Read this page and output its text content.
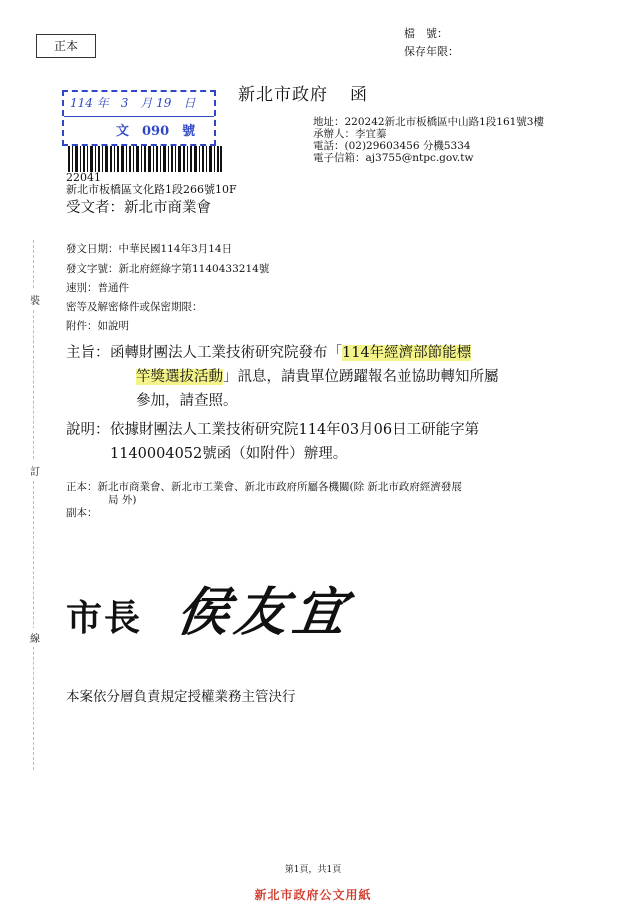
正本
檔　號：
保存年限：
新北市政府 函
114 年　3　月 19　日
文　090　號
地址：220242新北市板橋區中山路1段161號3樓
承辦人：李宜蓁
電話：(02)29603456 分機5334
電子信箱：aj3755@ntpc.gov.tw
22041
新北市板橋區文化路1段266號10F
受文者：新北市商業會
發文日期：中華民國114年3月14日
發文字號：新北府經綠字第1140433214號
速別：普通件
密等及解密條件或保密期限：
附件：如說明
主旨： 函轉財團法人工業技術研究院發布「114年經濟部節能標
竿獎選拔活動」訊息，請貴單位踴躍報名並協助轉知所屬
參加，請查照。
說明： 依據財團法人工業技術研究院114年03月06日工研能字第
1140004052號函（如附件）辦理。
正本：新北市商業會、新北市工業會、新北市政府所屬各機關(除 新北市政府經濟發展
局 外)
副本：
市長 侯友宜
本案依分層負責規定授權業務主管決行
裝
訂
線
第1頁，共1頁
新北市政府公文用紙
